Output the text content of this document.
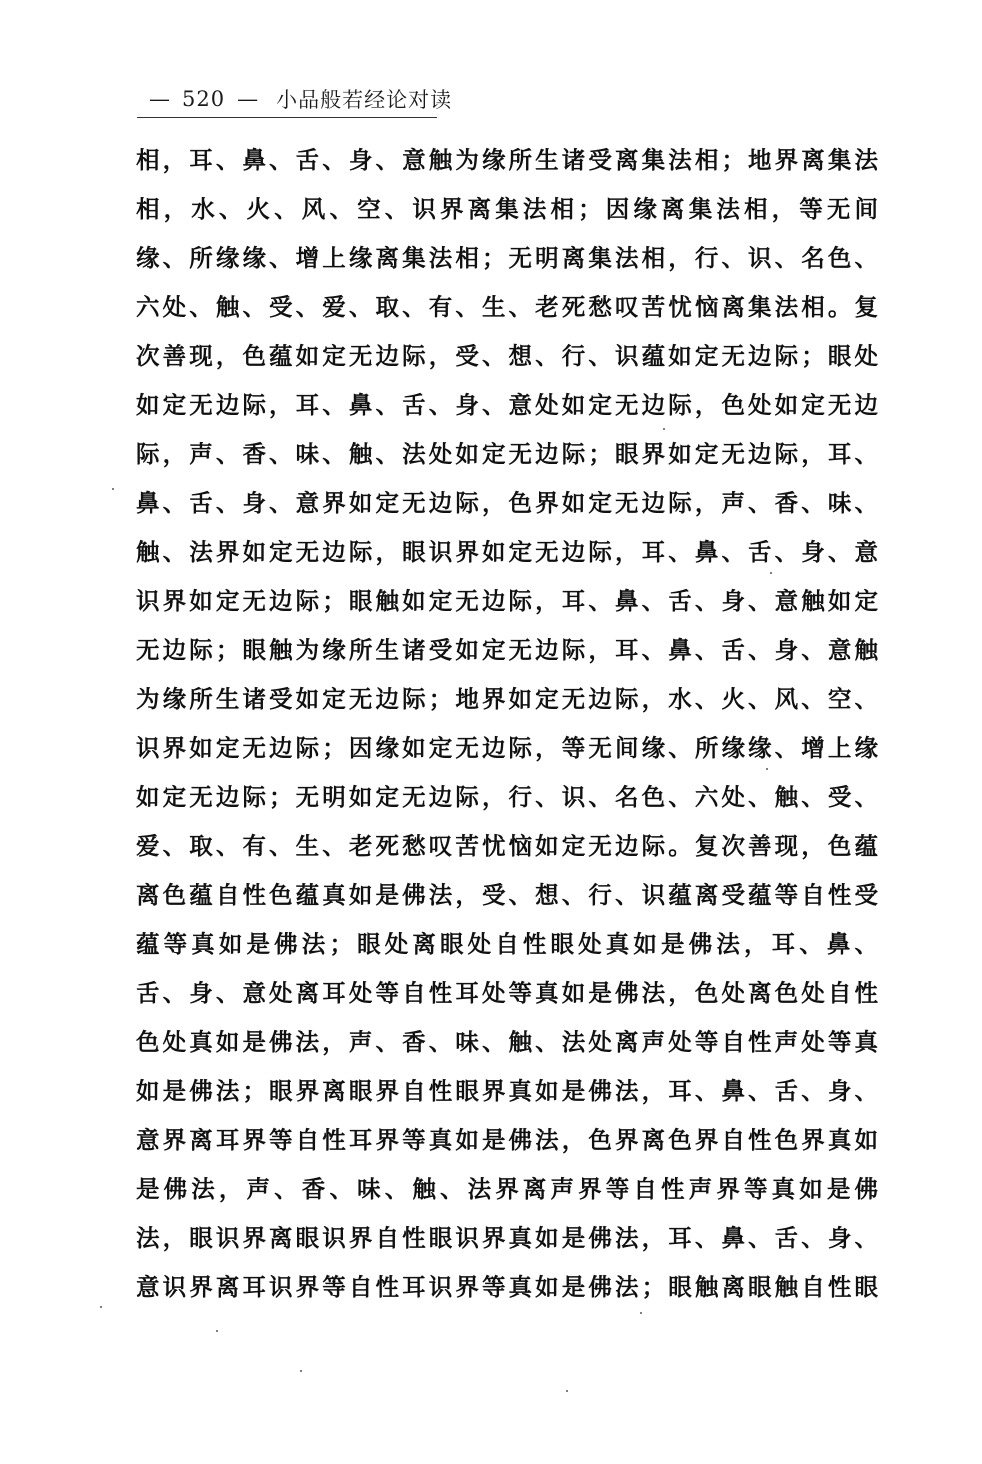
— 520 — 小品般若经论对读
相，耳、鼻、舌、身、意触为缘所生诸受离集法相；地界离集法
相，水、火、风、空、识界离集法相；因缘离集法相，等无间
缘、所缘缘、增上缘离集法相；无明离集法相，行、识、名色、
六处、触、受、爱、取、有、生、老死愁叹苦忧恼离集法相。复
次善现，色蕴如定无边际，受、想、行、识蕴如定无边际；眼处
如定无边际，耳、鼻、舌、身、意处如定无边际，色处如定无边
际，声、香、味、触、法处如定无边际；眼界如定无边际，耳、
鼻、舌、身、意界如定无边际，色界如定无边际，声、香、味、
触、法界如定无边际，眼识界如定无边际，耳、鼻、舌、身、意
识界如定无边际；眼触如定无边际，耳、鼻、舌、身、意触如定
无边际；眼触为缘所生诸受如定无边际，耳、鼻、舌、身、意触
为缘所生诸受如定无边际；地界如定无边际，水、火、风、空、
识界如定无边际；因缘如定无边际，等无间缘、所缘缘、增上缘
如定无边际；无明如定无边际，行、识、名色、六处、触、受、
爱、取、有、生、老死愁叹苦忧恼如定无边际。复次善现，色蕴
离色蕴自性色蕴真如是佛法，受、想、行、识蕴离受蕴等自性受
蕴等真如是佛法；眼处离眼处自性眼处真如是佛法，耳、鼻、
舌、身、意处离耳处等自性耳处等真如是佛法，色处离色处自性
色处真如是佛法，声、香、味、触、法处离声处等自性声处等真
如是佛法；眼界离眼界自性眼界真如是佛法，耳、鼻、舌、身、
意界离耳界等自性耳界等真如是佛法，色界离色界自性色界真如
是佛法，声、香、味、触、法界离声界等自性声界等真如是佛
法，眼识界离眼识界自性眼识界真如是佛法，耳、鼻、舌、身、
意识界离耳识界等自性耳识界等真如是佛法；眼触离眼触自性眼
